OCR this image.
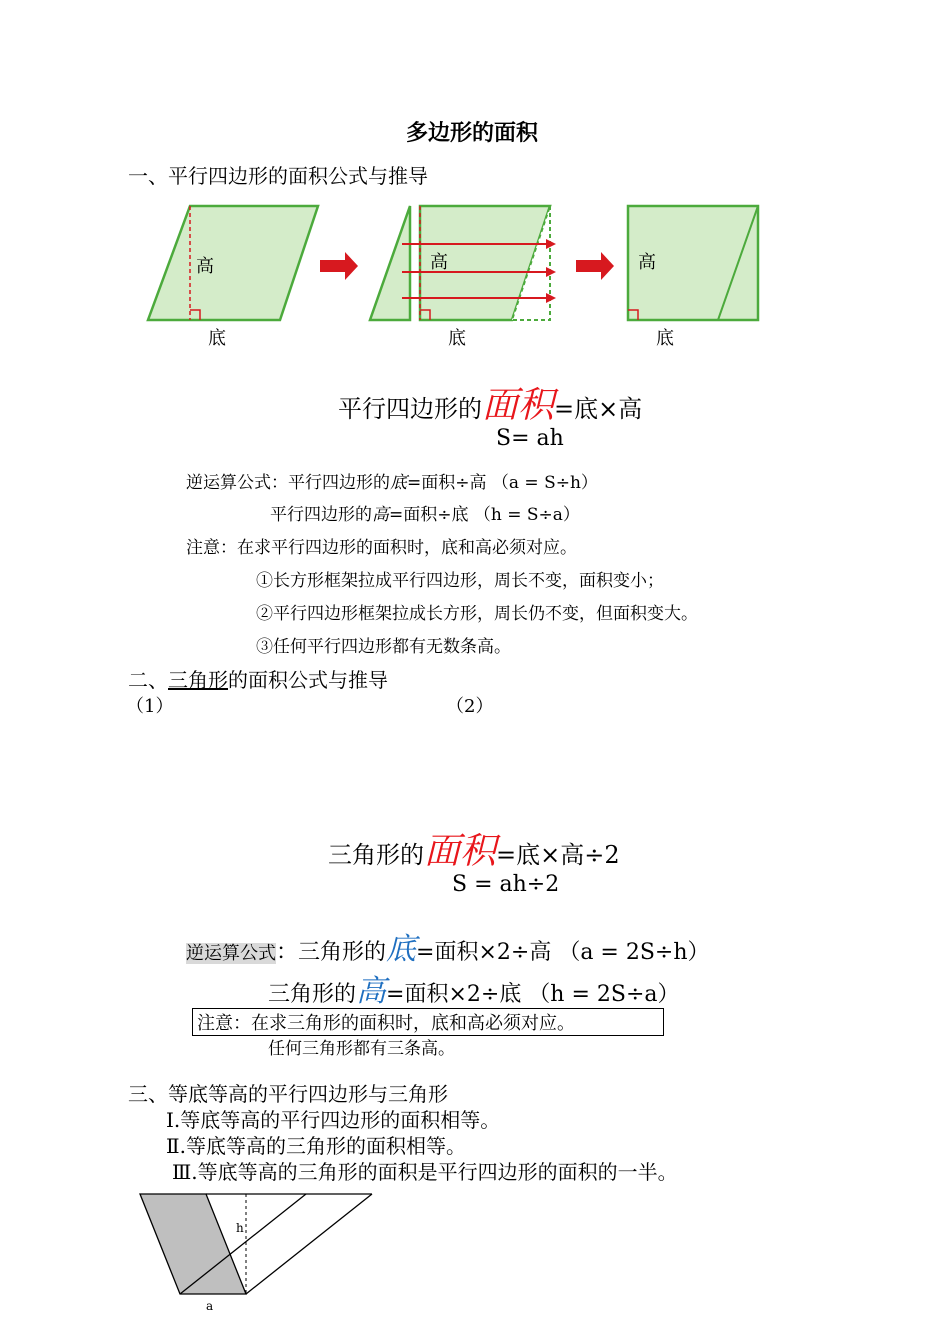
多边形的面积
一、平行四边形的面积公式与推导
高
底
高
底
高
底
平行四边形的面积=底×高
S= ah
逆运算公式：平行四边形的底=面积÷高 （a = S÷h）
平行四边形的高=面积÷底 （h = S÷a）
注意：在求平行四边形的面积时，底和高必须对应。
①长方形框架拉成平行四边形，周长不变，面积变小；
②平行四边形框架拉成长方形，周长仍不变，但面积变大。
③任何平行四边形都有无数条高。
二、三角形的面积公式与推导
（1）	（2）
三角形的面积=底×高÷2
S = ah÷2
逆运算公式：三角形的底=面积×2÷高 （a = 2S÷h）
三角形的高=面积×2÷底 （h = 2S÷a）
注意：在求三角形的面积时，底和高必须对应。
任何三角形都有三条高。
三、等底等高的平行四边形与三角形
Ⅰ.等底等高的平行四边形的面积相等。
Ⅱ.等底等高的三角形的面积相等。
Ⅲ.等底等高的三角形的面积是平行四边形的面积的一半。
h
a
